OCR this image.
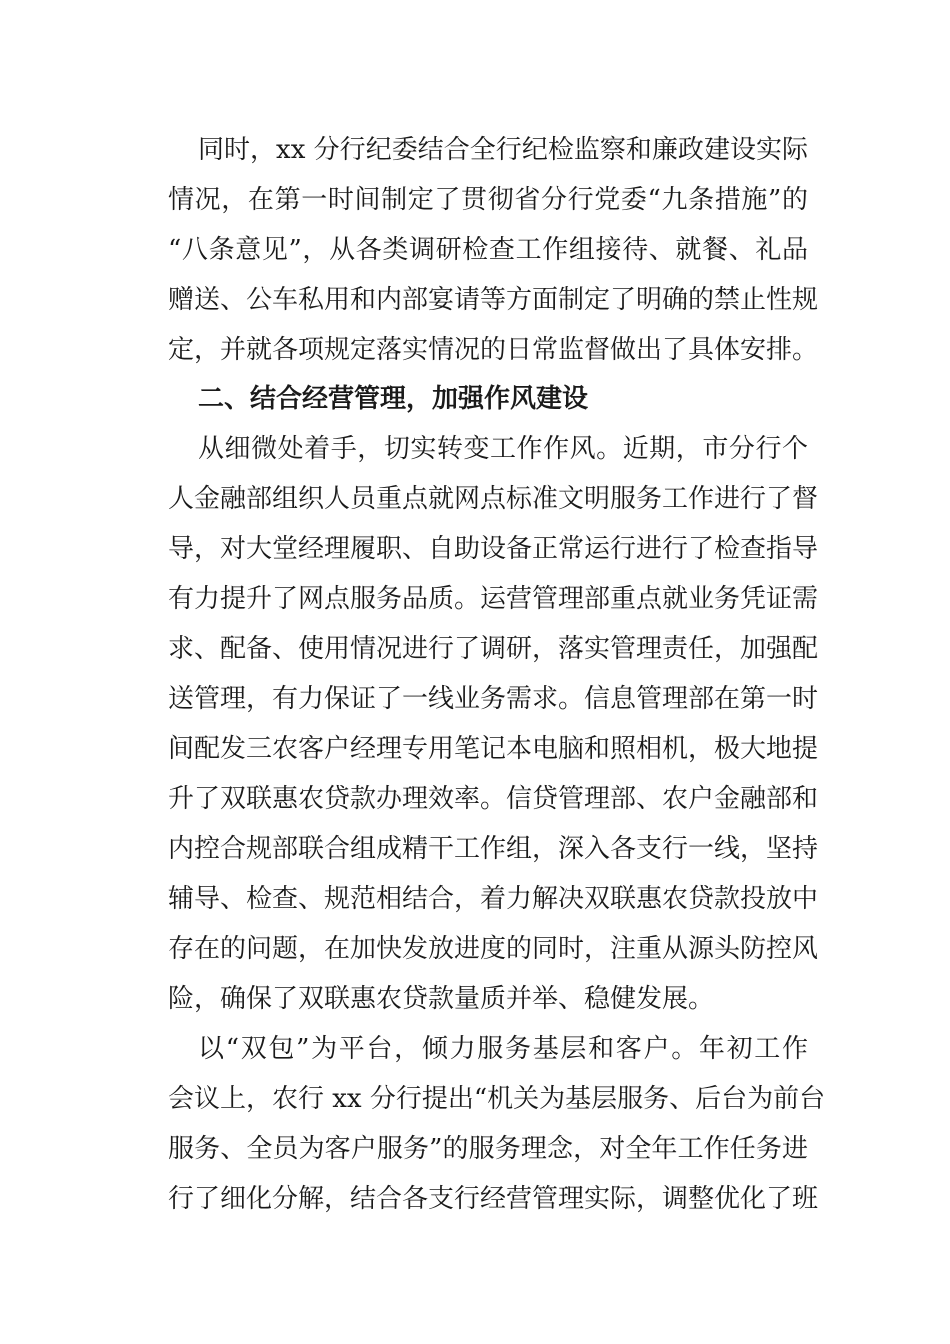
同时，xx 分行纪委结合全行纪检监察和廉政建设实际
情况，在第一时间制定了贯彻省分行党委“九条措施”的
“八条意见”，从各类调研检查工作组接待、就餐、礼品
赠送、公车私用和内部宴请等方面制定了明确的禁止性规
定，并就各项规定落实情况的日常监督做出了具体安排。
二、结合经营管理，加强作风建设
从细微处着手，切实转变工作作风。近期，市分行个
人金融部组织人员重点就网点标准文明服务工作进行了督
导，对大堂经理履职、自助设备正常运行进行了检查指导
有力提升了网点服务品质。运营管理部重点就业务凭证需
求、配备、使用情况进行了调研，落实管理责任，加强配
送管理，有力保证了一线业务需求。信息管理部在第一时
间配发三农客户经理专用笔记本电脑和照相机，极大地提
升了双联惠农贷款办理效率。信贷管理部、农户金融部和
内控合规部联合组成精干工作组，深入各支行一线，坚持
辅导、检查、规范相结合，着力解决双联惠农贷款投放中
存在的问题，在加快发放进度的同时，注重从源头防控风
险，确保了双联惠农贷款量质并举、稳健发展。
以“双包”为平台，倾力服务基层和客户。年初工作
会议上，农行 xx 分行提出“机关为基层服务、后台为前台
服务、全员为客户服务”的服务理念，对全年工作任务进
行了细化分解，结合各支行经营管理实际，调整优化了班
